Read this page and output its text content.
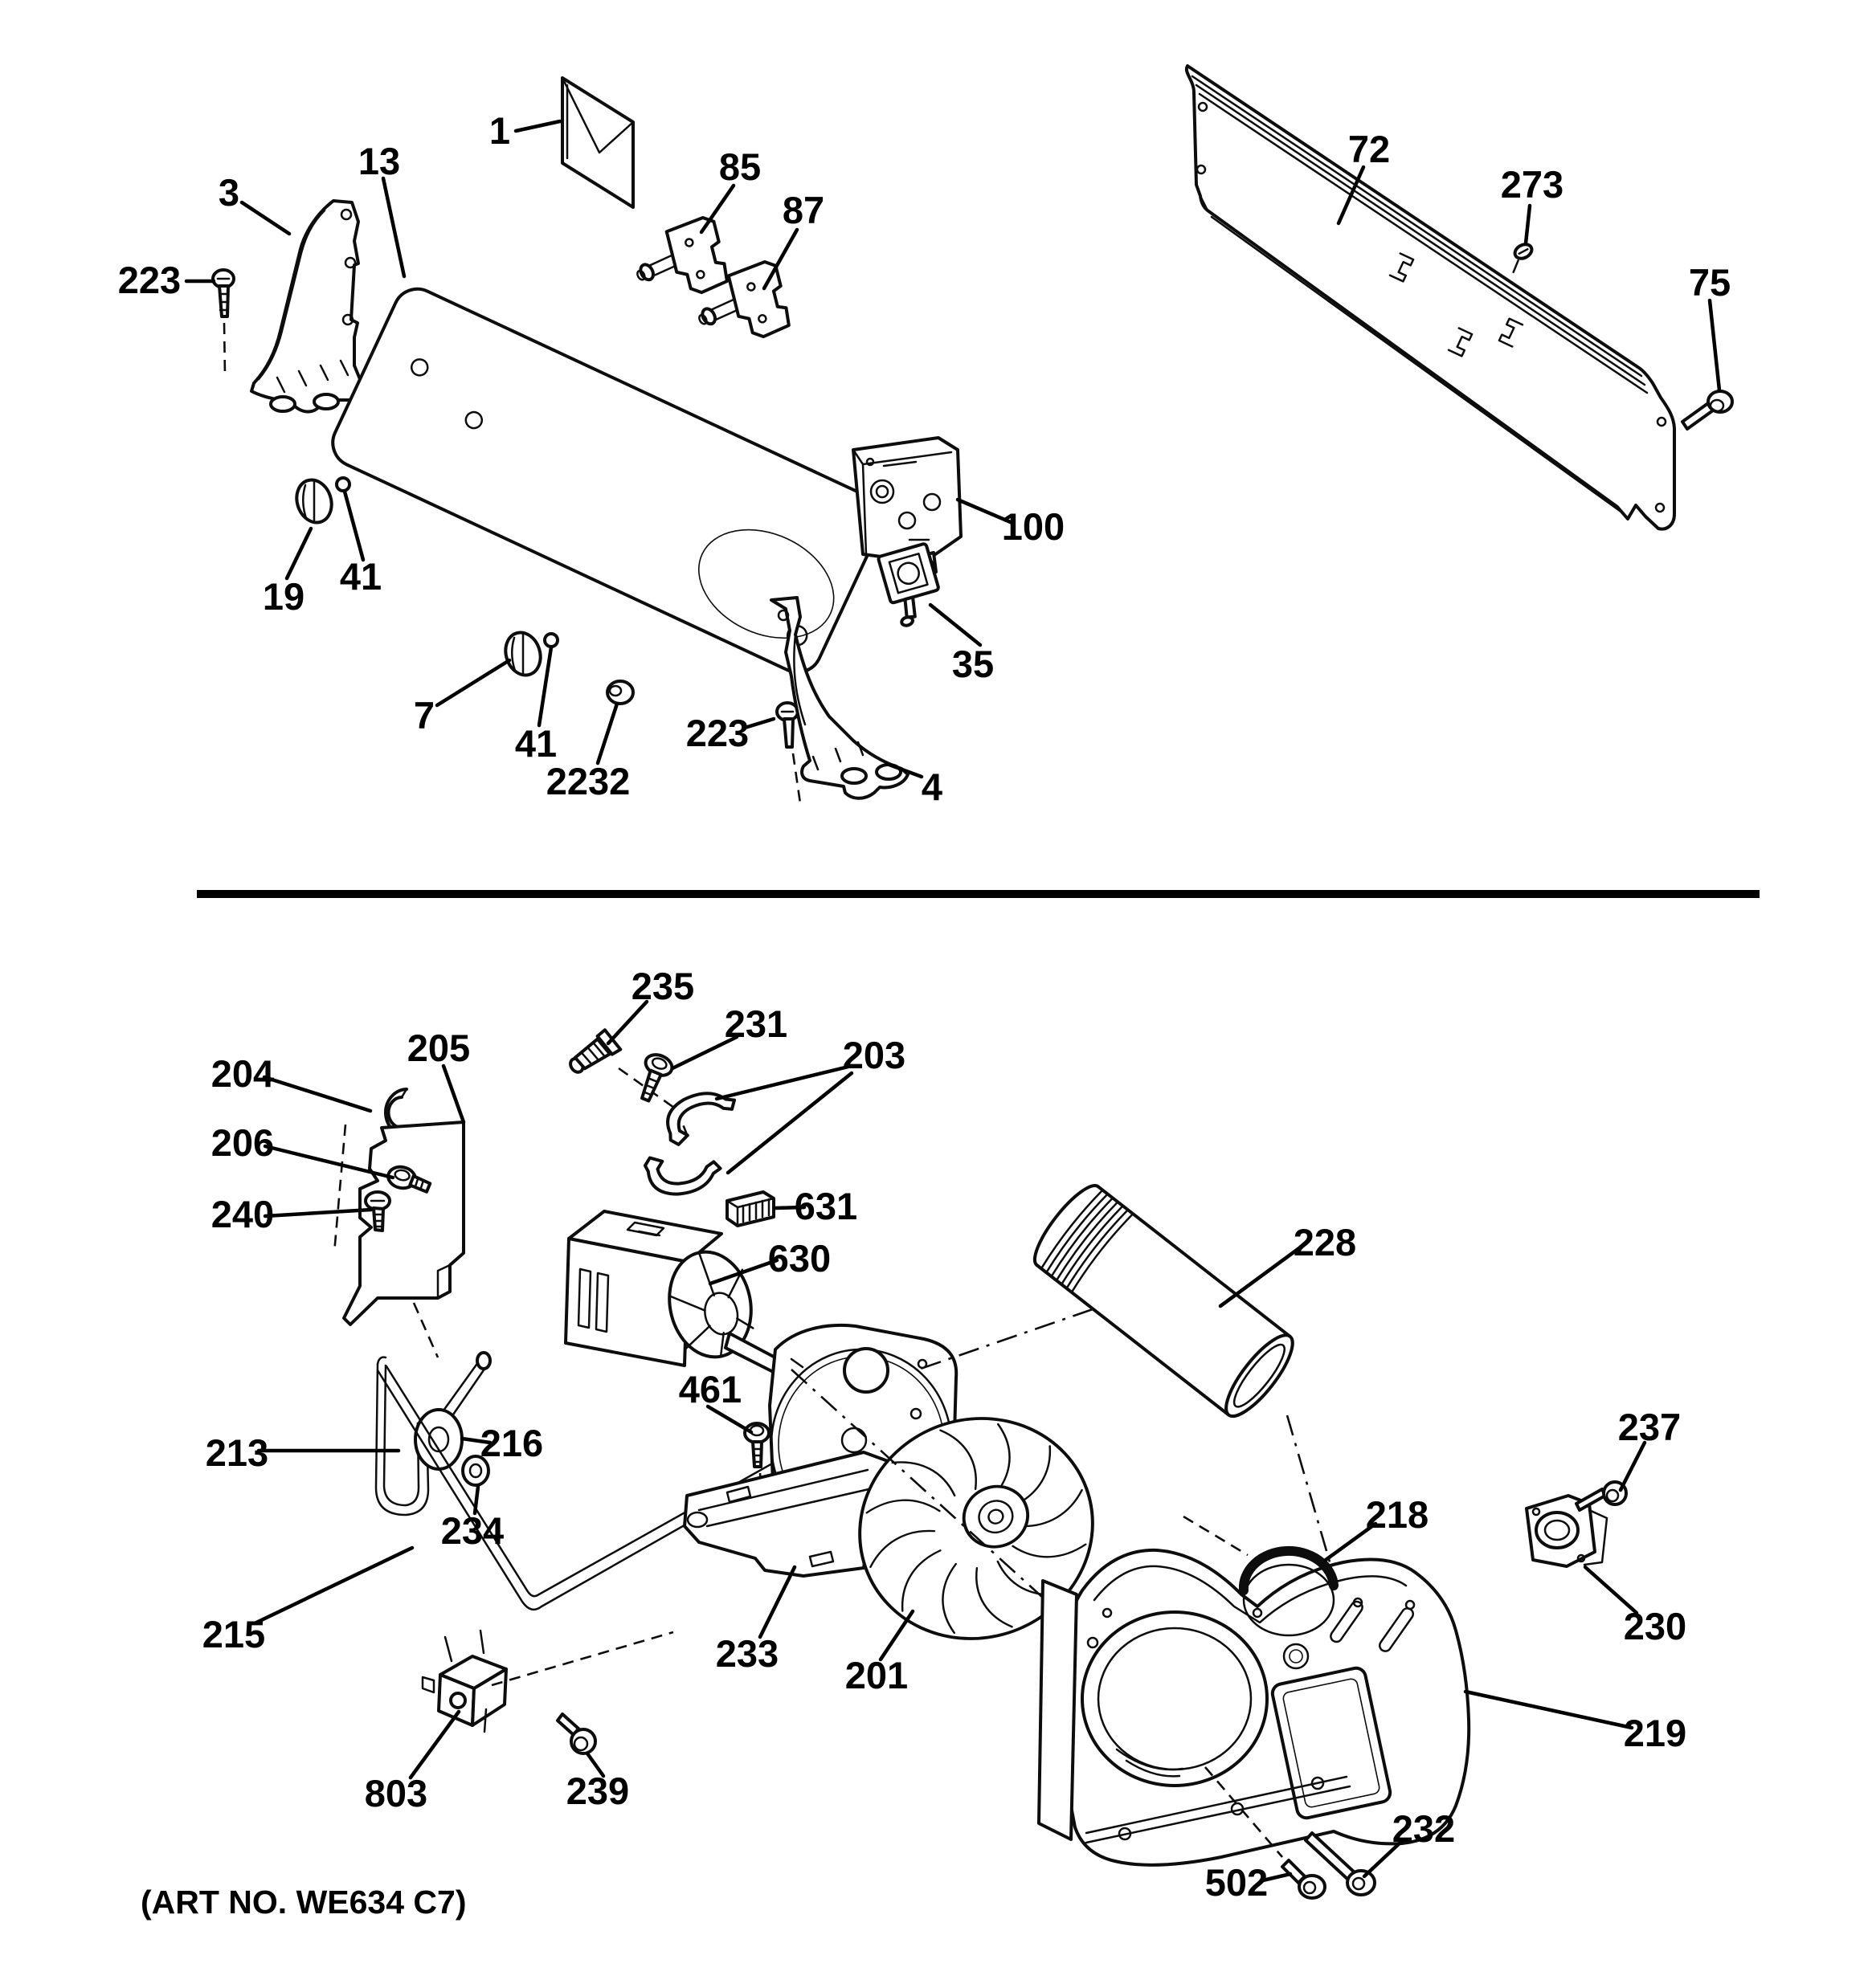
1
13
3
223
85
87
19 41
7
41
2232
223
100
35
4
72
273
75
235
231
203
631
630
204
205
206
240
213	216
234
215
461
233
201
228
218
237
230
219
803	239
502
232
(ART NO. WE634 C7)
